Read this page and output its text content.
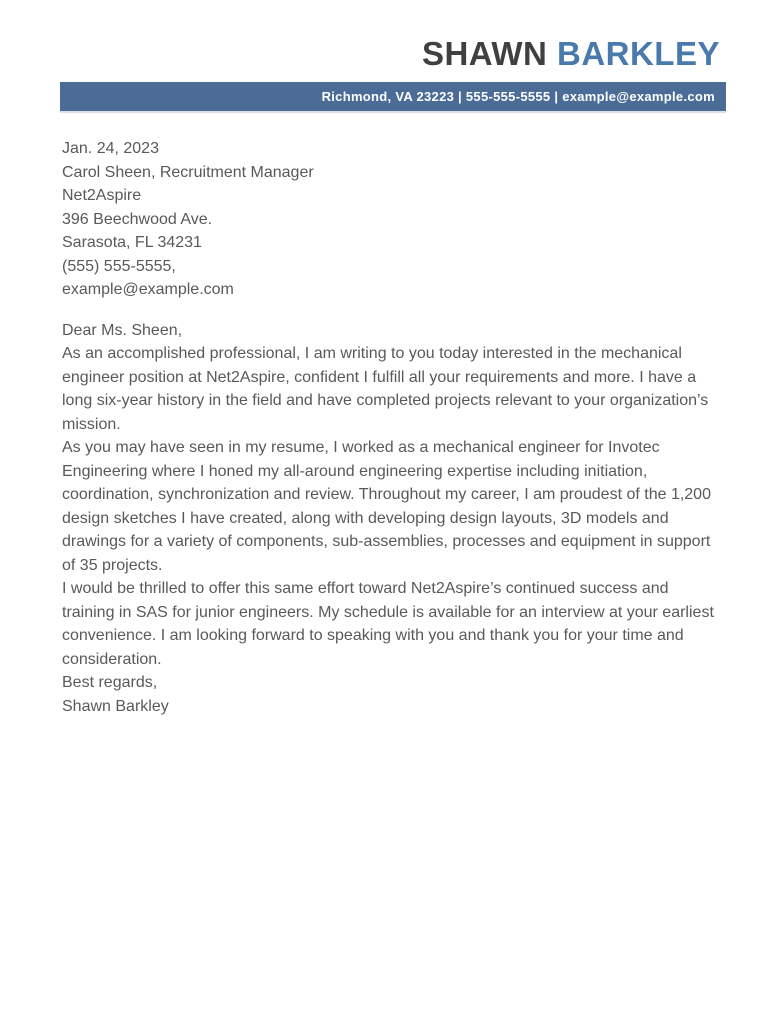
SHAWN BARKLEY
Richmond, VA 23223 | 555-555-5555 | example@example.com

Jan. 24, 2023

Carol Sheen, Recruitment Manager
Net2Aspire
396 Beechwood Ave.
Sarasota, FL 34231
(555) 555-5555,
example@example.com

Dear Ms. Sheen,

As an accomplished professional, I am writing to you today interested in the mechanical engineer position at Net2Aspire, confident I fulfill all your requirements and more. I have a long six-year history in the field and have completed projects relevant to your organization’s mission.

As you may have seen in my resume, I worked as a mechanical engineer for Invotec Engineering where I honed my all-around engineering expertise including initiation, coordination, synchronization and review. Throughout my career, I am proudest of the 1,200 design sketches I have created, along with developing design layouts, 3D models and drawings for a variety of components, sub-assemblies, processes and equipment in support of 35 projects.

I would be thrilled to offer this same effort toward Net2Aspire’s continued success and training in SAS for junior engineers. My schedule is available for an interview at your earliest convenience. I am looking forward to speaking with you and thank you for your time and consideration.

Best regards,
Shawn Barkley
